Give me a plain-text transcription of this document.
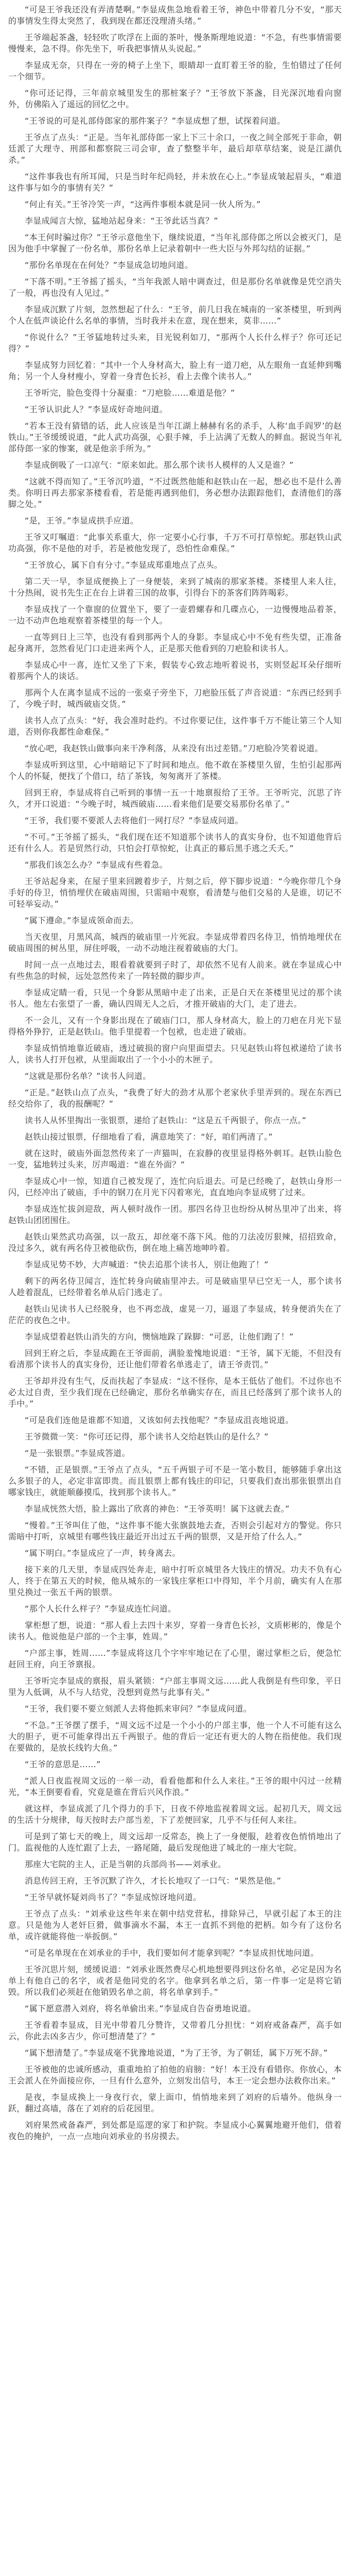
“可是王爷我还没有弄清楚啊。”李显成焦急地看着王爷，神色中带着几分不安，“那天的事情发生得太突然了，我到现在都还没理清头绪。”

王爷端起茶盏，轻轻吹了吹浮在上面的茶叶，慢条斯理地说道：“不急，有些事情需要慢慢来，急不得。你先坐下，听我把事情从头说起。”

李显成无奈，只得在一旁的椅子上坐下，眼睛却一直盯着王爷的脸，生怕错过了任何一个细节。

“你可还记得，三年前京城里发生的那桩案子？”王爷放下茶盏，目光深沉地看向窗外，仿佛陷入了遥远的回忆之中。

“王爷说的可是礼部侍郎家的那件案子？”李显成想了想，试探着问道。

王爷点了点头：“正是。当年礼部侍郎一家上下三十余口，一夜之间全部死于非命，朝廷派了大理寺、刑部和都察院三司会审，查了整整半年，最后却草草结案，说是江湖仇杀。”

“这件事我也有所耳闻，只是当时年纪尚轻，并未放在心上。”李显成皱起眉头，“难道这件事与如今的事情有关？”

“何止有关。”王爷冷笑一声，“这两件事根本就是同一伙人所为。”

李显成闻言大惊，猛地站起身来：“王爷此话当真？”

“本王何时骗过你？”王爷示意他坐下，继续说道，“当年礼部侍郎之所以会被灭门，是因为他手中掌握了一份名单，那份名单上记录着朝中一些大臣与外邦勾结的证据。”

“那份名单现在在何处？”李显成急切地问道。

“下落不明。”王爷摇了摇头，“当年我派人暗中调查过，但是那份名单就像是凭空消失了一般，再也没有人见过。”

李显成沉默了片刻，忽然想起了什么：“王爷，前几日我在城南的一家茶楼里，听到两个人在低声谈论什么名单的事情，当时我并未在意，现在想来，莫非……”

“你说什么？”王爷猛地转过头来，目光锐利如刀，“那两个人长什么样子？你可还记得？”

李显成努力回忆着：“其中一个人身材高大，脸上有一道刀疤，从左眼角一直延伸到嘴角；另一个人身材瘦小，穿着一身青色长衫，看上去像个读书人。”

王爷听完，脸色变得十分凝重：“刀疤脸……难道是他？”

“王爷认识此人？”李显成好奇地问道。

“若本王没有猜错的话，此人应该是当年江湖上赫赫有名的杀手，人称‘血手阎罗’的赵铁山。”王爷缓缓说道，“此人武功高强，心狠手辣，手上沾满了无数人的鲜血。据说当年礼部侍郎一家的惨案，就是他亲手所为。”

李显成倒吸了一口凉气：“原来如此。那么那个读书人模样的人又是谁？”

“这就不得而知了。”王爷沉吟道，“不过既然他能和赵铁山在一起，想必也不是什么善类。你明日再去那家茶楼看看，若是能再遇到他们，务必想办法跟踪他们，查清他们的落脚之处。”

“是，王爷。”李显成拱手应道。

王爷又叮嘱道：“此事关系重大，你一定要小心行事，千万不可打草惊蛇。那赵铁山武功高强，你不是他的对手，若是被他发现了，恐怕性命难保。”

“王爷放心，属下自有分寸。”李显成郑重地点了点头。

第二天一早，李显成便换上了一身便装，来到了城南的那家茶楼。茶楼里人来人往，十分热闹，说书先生正在台上讲着三国的故事，引得台下的茶客们阵阵喝彩。

李显成找了一个靠窗的位置坐下，要了一壶碧螺春和几碟点心，一边慢慢地品着茶，一边不动声色地观察着茶楼里的每一个人。

一直等到日上三竿，也没有看到那两个人的身影。李显成心中不免有些失望，正准备起身离开，忽然看见门口走进来两个人，正是那天他看到的刀疤脸和读书人。

李显成心中一喜，连忙又坐了下来，假装专心致志地听着说书，实则竖起耳朵仔细听着那两个人的谈话。

那两个人在离李显成不远的一张桌子旁坐下，刀疤脸压低了声音说道：“东西已经到手了，今晚子时，城西破庙交货。”

读书人点了点头：“好，我会准时赴约。不过你要记住，这件事千万不能让第三个人知道，否则你我都性命难保。”

“放心吧，我赵铁山做事向来干净利落，从来没有出过差错。”刀疤脸冷笑着说道。

李显成听到这里，心中暗暗记下了时间和地点。他不敢在茶楼里久留，生怕引起那两个人的怀疑，便找了个借口，结了茶钱，匆匆离开了茶楼。

回到王府，李显成将自己听到的事情一五一十地禀报给了王爷。王爷听完，沉思了许久，才开口说道：“今晚子时，城西破庙……看来他们是要交易那份名单了。”

“王爷，我们要不要派人去将他们一网打尽？”李显成问道。

“不可。”王爷摇了摇头，“我们现在还不知道那个读书人的真实身份，也不知道他背后还有什么人。若是贸然行动，只怕会打草惊蛇，让真正的幕后黑手逃之夭夭。”

“那我们该怎么办？”李显成有些着急。

王爷站起身来，在屋子里来回踱着步子，片刻之后，停下脚步说道：“今晚你带几个身手好的侍卫，悄悄埋伏在破庙周围，只需暗中观察，看清楚与他们交易的人是谁，切记不可轻举妄动。”

“属下遵命。”李显成领命而去。

当天夜里，月黑风高，城西的破庙里一片死寂。李显成带着四名侍卫，悄悄地埋伏在破庙周围的树丛里，屏住呼吸，一动不动地注视着破庙的大门。

时间一点一点地过去，眼看着就要到子时了，却依然不见有人前来。就在李显成心中有些焦急的时候，远处忽然传来了一阵轻微的脚步声。

李显成定睛一看，只见一个身影从黑暗中走了出来，正是白天在茶楼里见过的那个读书人。他左右张望了一番，确认四周无人之后，才推开破庙的大门，走了进去。

不一会儿，又有一个身影出现在了破庙门口，那人身材高大，脸上的刀疤在月光下显得格外狰狞，正是赵铁山。他手里提着一个包袱，也走进了破庙。

李显成悄悄地靠近破庙，透过破损的窗户向里面望去。只见赵铁山将包袱递给了读书人，读书人打开包袱，从里面取出了一个小小的木匣子。

“这就是那份名单？”读书人问道。

“正是。”赵铁山点了点头，“我费了好大的劲才从那个老家伙手里弄到的。现在东西已经交给你了，我的报酬呢？”

读书人从怀里掏出一张银票，递给了赵铁山：“这是五千两银子，你点一点。”

赵铁山接过银票，仔细地看了看，满意地笑了：“好，咱们两清了。”

就在这时，破庙外面忽然传来了一声猫叫，在寂静的夜里显得格外刺耳。赵铁山脸色一变，猛地转过头来，厉声喝道：“谁在外面？”

李显成心中一惊，知道自己被发现了，连忙向后退去。可是已经晚了，赵铁山身形一闪，已经冲出了破庙，手中的钢刀在月光下闪着寒光，直直地向李显成劈了过来。

李显成连忙拔剑迎敌，两人顿时战作一团。那四名侍卫也纷纷从树丛里冲了出来，将赵铁山团团围住。

赵铁山果然武功高强，以一敌五，却丝毫不落下风。他的刀法凌厉狠辣，招招致命，没过多久，就有两名侍卫被他砍伤，倒在地上痛苦地呻吟着。

李显成见势不妙，大声喊道：“快去追那个读书人，别让他跑了！”

剩下的两名侍卫闻言，连忙转身向破庙里冲去。可是破庙里早已空无一人，那个读书人趁着混乱，已经带着名单从后门逃走了。

赵铁山见读书人已经脱身，也不再恋战，虚晃一刀，逼退了李显成，转身便消失在了茫茫的夜色之中。

李显成望着赵铁山消失的方向，懊恼地跺了跺脚：“可恶，让他们跑了！”

回到王府之后，李显成跪在王爷面前，满脸羞愧地说道：“王爷，属下无能，不但没有看清那个读书人的真实身份，还让他们带着名单逃走了，请王爷责罚。”

王爷却并没有生气，反而扶起了李显成：“这不怪你，是本王低估了他们。不过你也不必太过自责，至少我们现在已经确定，那份名单确实存在，而且已经落到了那个读书人的手中。”

“可是我们连他是谁都不知道，又该如何去找他呢？”李显成沮丧地说道。

王爷微微一笑：“你可还记得，那个读书人交给赵铁山的是什么？”

“是一张银票。”李显成答道。

“不错，正是银票。”王爷点了点头，“五千两银子可不是一笔小数目，能够随手拿出这么多银子的人，必定非富即贵。而且银票上都有钱庄的印记，只要我们查出那张银票出自哪家钱庄，就能顺藤摸瓜，找到那个读书人。”

李显成恍然大悟，脸上露出了欣喜的神色：“王爷英明！属下这就去查。”

“慢着。”王爷叫住了他，“这件事不能大张旗鼓地去查，否则会引起对方的警觉。你只需暗中打听，京城里有哪些钱庄最近开出过五千两的银票，又是开给了什么人。”

“属下明白。”李显成应了一声，转身离去。

接下来的几天里，李显成四处奔走，暗中打听京城里各大钱庄的情况。功夫不负有心人，终于在第五天的时候，他从城东的一家钱庄掌柜口中得知，半个月前，确实有人在那里兑换过一张五千两的银票。

“那个人长什么样子？”李显成连忙问道。

掌柜想了想，说道：“那人看上去四十来岁，穿着一身青色长衫，文质彬彬的，像是个读书人。他说他是户部的一个主事，姓周。”

“户部主事，姓周……”李显成将这几个字牢牢地记在了心里，谢过掌柜之后，便急忙赶回王府，向王爷禀报。

王爷听完李显成的禀报，眉头紧锁：“户部主事周文远……此人我倒是有些印象，平日里为人低调，从不与人结党，没想到竟然与此事有关。”

“王爷，我们要不要立刻派人去将他抓来审问？”李显成问道。

“不急。”王爷摆了摆手，“周文远不过是一个小小的户部主事，他一个人不可能有这么大的胆子，更不可能拿得出五千两银子。他的背后一定还有更大的人物在指使他。我们现在要做的，是放长线钓大鱼。”

“王爷的意思是……”

“派人日夜监视周文远的一举一动，看看他都和什么人来往。”王爷的眼中闪过一丝精光，“本王倒要看看，究竟是谁在背后兴风作浪。”

就这样，李显成派了几个得力的手下，日夜不停地监视着周文远。起初几天，周文远的生活十分规律，每天按时去户部当差，下了差便回家，几乎不与任何人来往。

可是到了第七天的晚上，周文远却一反常态，换上了一身便服，趁着夜色悄悄地出了门。监视他的人连忙跟了上去，一路尾随，最后发现他进了城北的一座大宅院。

那座大宅院的主人，正是当朝的兵部尚书——刘承业。

消息传回王府，王爷沉默了许久，才长长地叹了一口气：“果然是他。”

“王爷早就怀疑刘尚书了？”李显成惊讶地问道。

王爷点了点头：“刘承业这些年来在朝中结党营私，排除异己，早就引起了本王的注意。只是他为人老奸巨猾，做事滴水不漏，本王一直抓不到他的把柄。如今有了这份名单，或许就能将他一举扳倒。”

“可是名单现在在刘承业的手中，我们要如何才能拿到呢？”李显成担忧地问道。

王爷沉思片刻，缓缓说道：“刘承业既然费尽心机地想要得到这份名单，必定是因为名单上有他自己的名字，或者是他同党的名字。他拿到名单之后，第一件事一定是将它销毁。所以我们必须赶在他销毁名单之前，将名单拿到手。”

“属下愿意潜入刘府，将名单偷出来。”李显成自告奋勇地说道。

王爷看着李显成，目光中带着几分赞许，又带着几分担忧：“刘府戒备森严，高手如云，你此去凶多吉少，你可想清楚了？”

“属下想清楚了。”李显成毫不犹豫地说道，“为了王爷，为了朝廷，属下万死不辞。”

王爷被他的忠诚所感动，重重地拍了拍他的肩膀：“好！本王没有看错你。你放心，本王会派人在外面接应你，一旦有什么意外，立刻发出信号，本王一定会想办法救你出来。”

是夜，李显成换上一身夜行衣，蒙上面巾，悄悄地来到了刘府的后墙外。他纵身一跃，翻过高墙，落在了刘府的后花园里。

刘府果然戒备森严，到处都是巡逻的家丁和护院。李显成小心翼翼地避开他们，借着夜色的掩护，一点一点地向刘承业的书房摸去。
